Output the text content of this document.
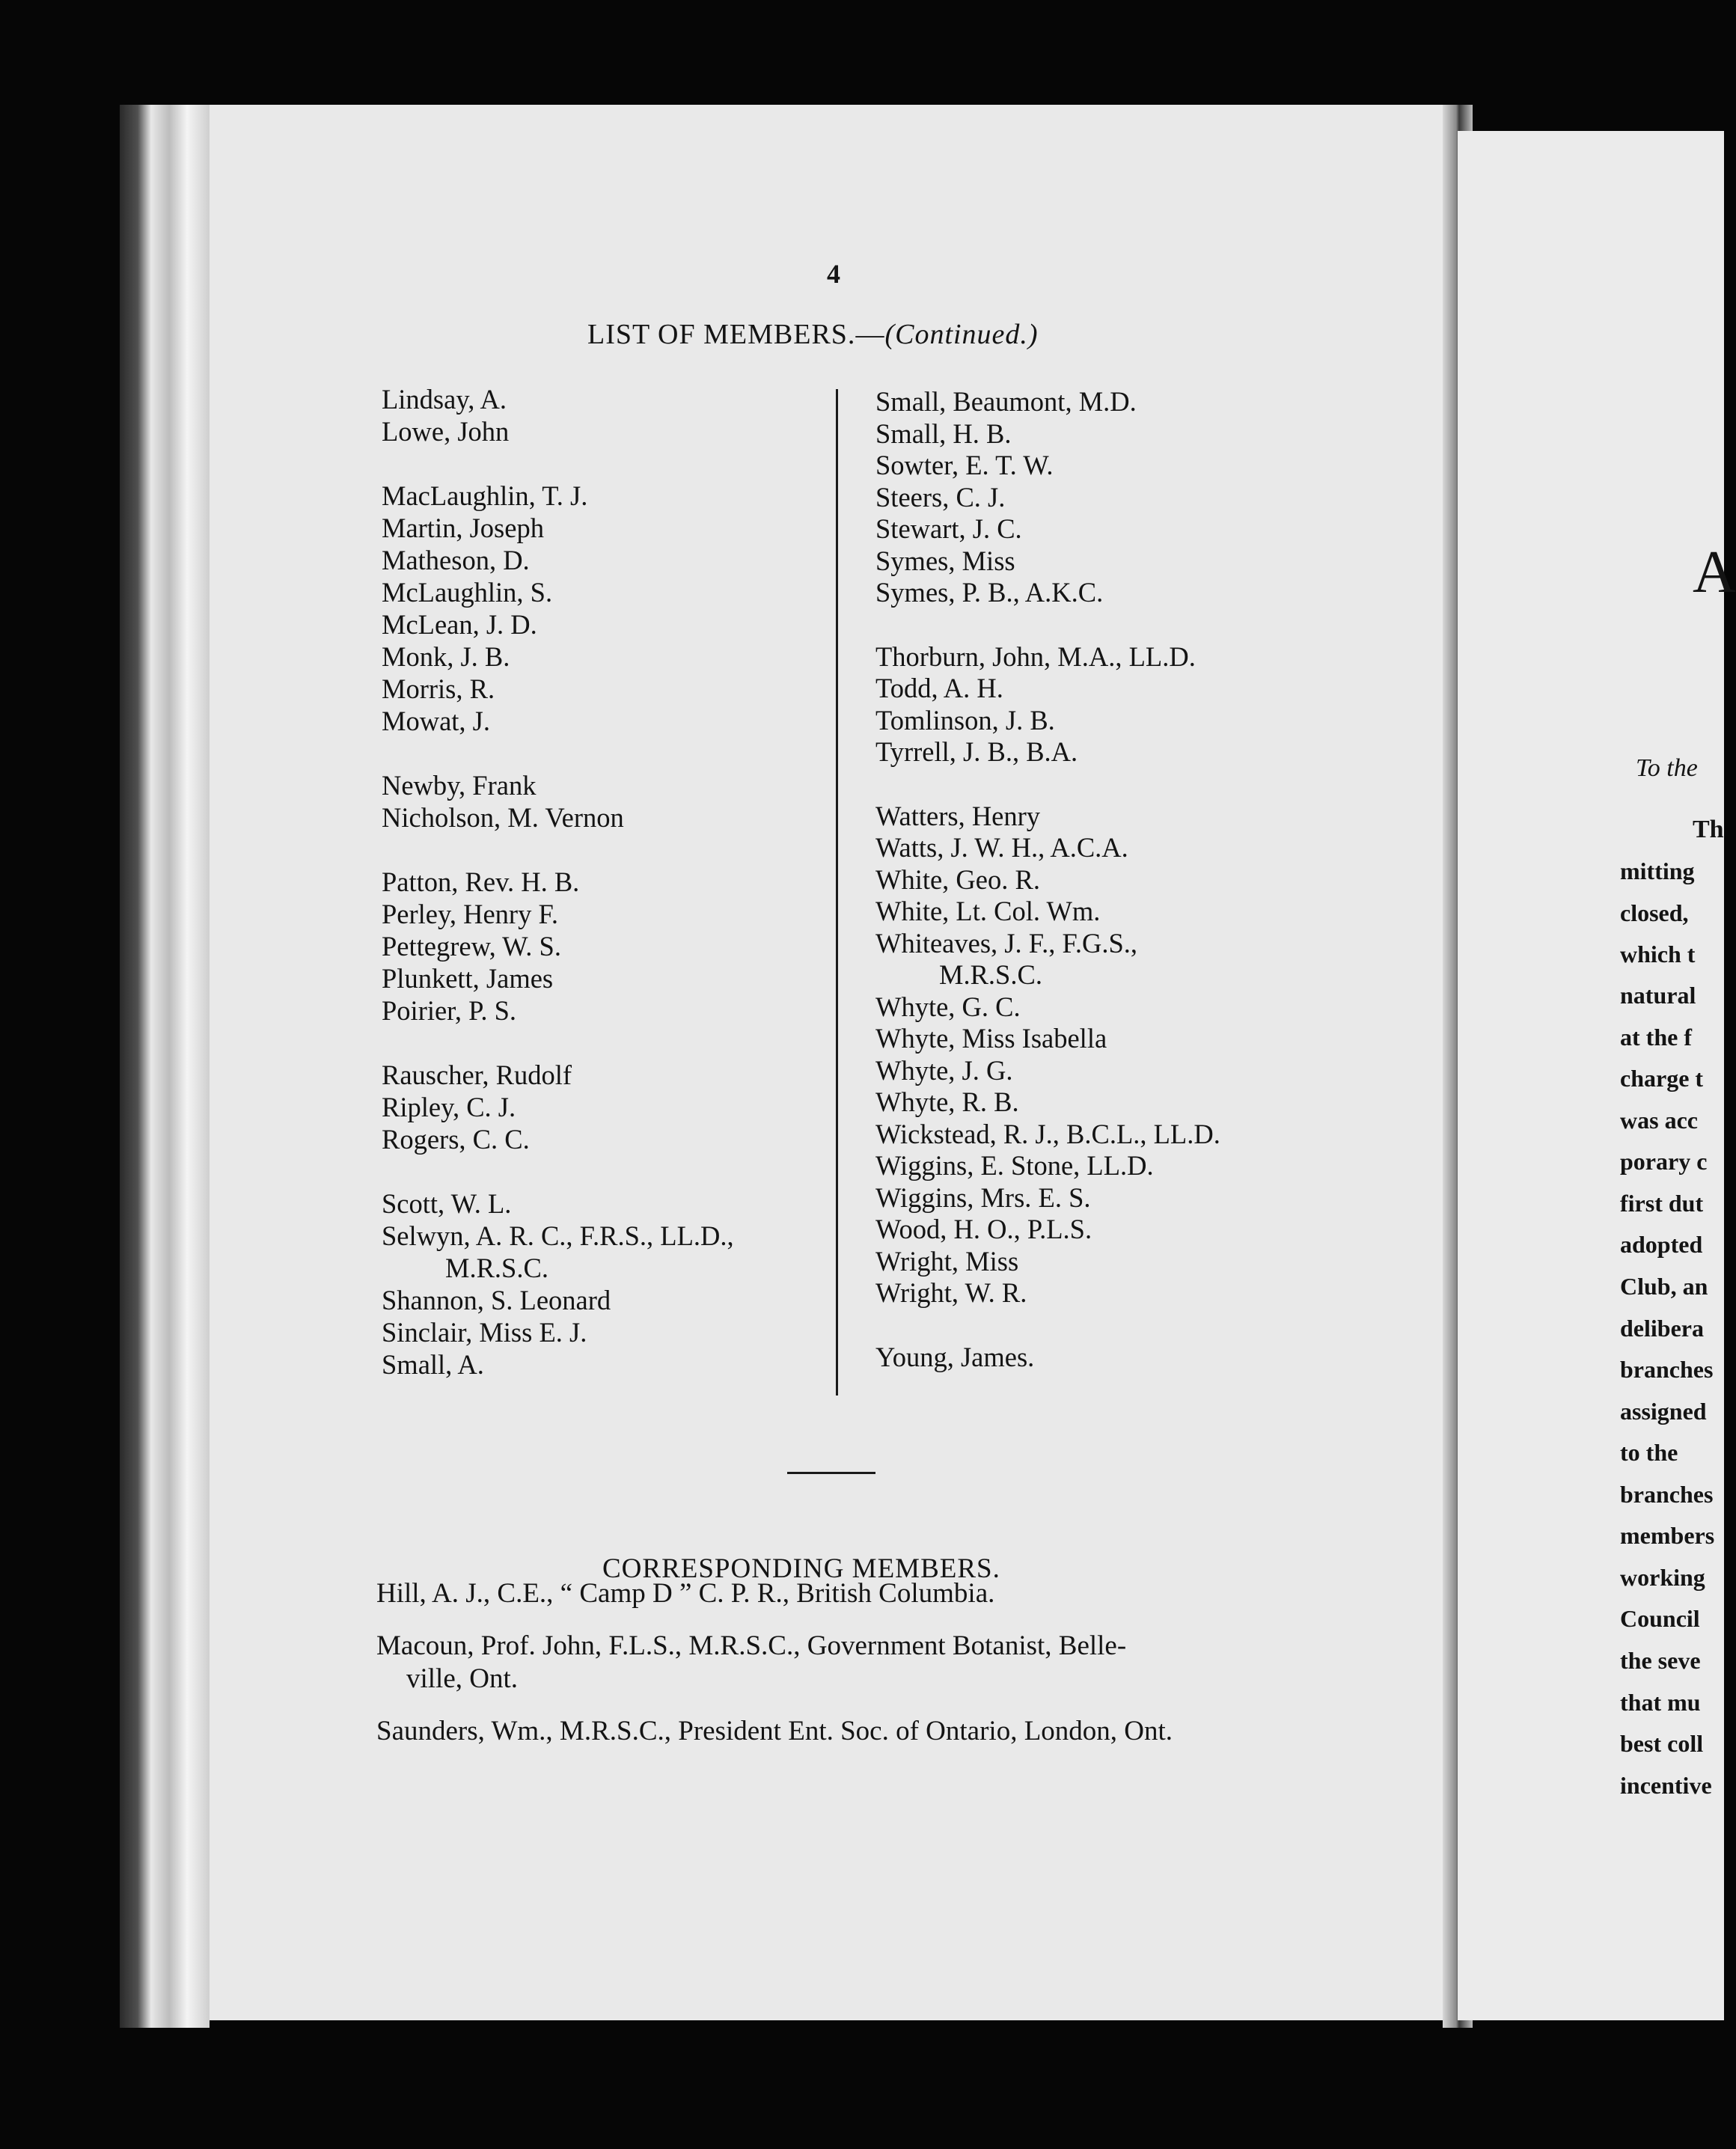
4
LIST OF MEMBERS.—(Continued.)
Lindsay, A.
Lowe, John
MacLaughlin, T. J.
Martin, Joseph
Matheson, D.
McLaughlin, S.
McLean, J. D.
Monk, J. B.
Morris, R.
Mowat, J.
Newby, Frank
Nicholson, M. Vernon
Patton, Rev. H. B.
Perley, Henry F.
Pettegrew, W. S.
Plunkett, James
Poirier, P. S.
Rauscher, Rudolf
Ripley, C. J.
Rogers, C. C.
Scott, W. L.
Selwyn, A. R. C., F.R.S., LL.D.,
M.R.S.C.
Shannon, S. Leonard
Sinclair, Miss E. J.
Small, A.
Small, Beaumont, M.D.
Small, H. B.
Sowter, E. T. W.
Steers, C. J.
Stewart, J. C.
Symes, Miss
Symes, P. B., A.K.C.
Thorburn, John, M.A., LL.D.
Todd, A. H.
Tomlinson, J. B.
Tyrrell, J. B., B.A.
Watters, Henry
Watts, J. W. H., A.C.A.
White, Geo. R.
White, Lt. Col. Wm.
Whiteaves, J. F., F.G.S.,
M.R.S.C.
Whyte, G. C.
Whyte, Miss Isabella
Whyte, J. G.
Whyte, R. B.
Wickstead, R. J., B.C.L., LL.D.
Wiggins, E. Stone, LL.D.
Wiggins, Mrs. E. S.
Wood, H. O., P.L.S.
Wright, Miss
Wright, W. R.
Young, James.
CORRESPONDING MEMBERS.
Hill, A. J., C.E., “ Camp D ” C. P. R., British Columbia.
Macoun, Prof. John, F.L.S., M.R.S.C., Government Botanist, Belle-
ville, Ont.
Saunders, Wm., M.R.S.C., President Ent. Soc. of Ontario, London, Ont.
A
To the
Th
mitting
closed,
which t
natural
at the f
charge t
was acc
porary c
first dut
adopted
Club, an
delibera
branches
assigned
to the
branches
members
working
Council
the seve
that mu
best coll
incentive
